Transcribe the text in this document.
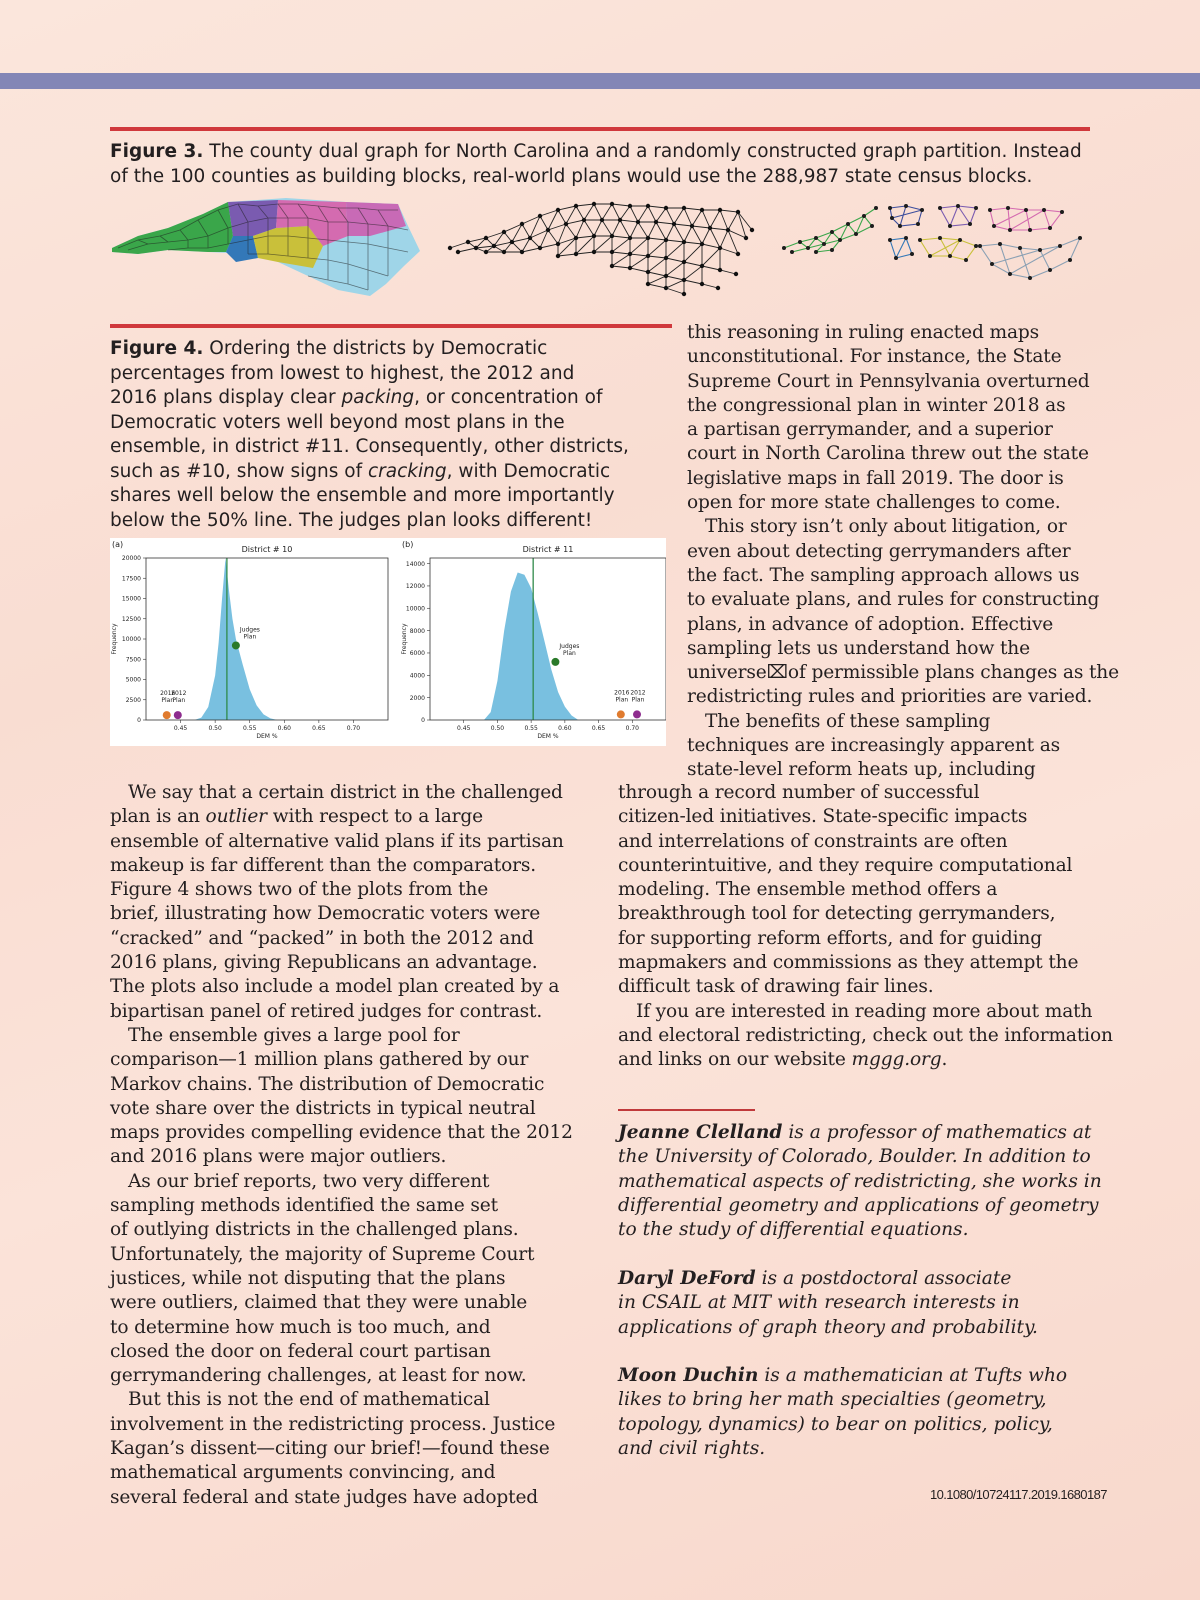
Figure 3. The county dual graph for North Carolina and a randomly constructed graph partition. Instead
of the 100 counties as building blocks, real-world plans would use the 288,987 state census blocks.
Figure 4. Ordering the districts by Democratic
percentages from lowest to highest, the 2012 and
2016 plans display clear packing, or concentration of
Democratic voters well beyond most plans in the
ensemble, in district #11. Consequently, other districts,
such as #10, show signs of cracking, with Democratic
shares well below the ensemble and more importantly
below the 50% line. The judges plan looks different!
(a)
District # 10
0
2500
5000
7500
10000
12500
15000
17500
20000
0.45	0.50	0.55	0.60	0.65	0.70
DEM %
Frequency	Judges
Plan
2016
Plan
2012
Plan
(b)
District # 11
0
2000
4000
6000
8000
10000
12000
14000
0.45	0.50	0.55	0.60	0.65	0.70
DEM %
Frequency	Judges
Plan
2016
Plan
2012
Plan

this reasoning in ruling enacted maps

unconstitutional. For instance, the State

Supreme Court in Pennsylvania overturned

the congressional plan in winter 2018 as

a partisan gerrymander, and a superior

court in North Carolina threw out the state

legislative maps in fall 2019. The door is

open for more state challenges to come.

This story isn’t only about litigation, or

even about detecting gerrymanders after

the fact. The sampling approach allows us

to evaluate plans, and rules for constructing

plans, in advance of adoption. Effective

sampling lets us understand how the

universe⌧of permissible plans changes as the

redistricting rules and priorities are varied.

The benefits of these sampling

techniques are increasingly apparent as

state-level reform heats up, including

We say that a certain district in the challenged

plan is an outlier with respect to a large

ensemble of alternative valid plans if its partisan

makeup is far different than the comparators.

Figure 4 shows two of the plots from the

brief, illustrating how Democratic voters were

“cracked” and “packed” in both the 2012 and

2016 plans, giving Republicans an advantage.

The plots also include a model plan created by a

bipartisan panel of retired judges for contrast.

The ensemble gives a large pool for

comparison—1 million plans gathered by our

Markov chains. The distribution of Democratic

vote share over the districts in typical neutral

maps provides compelling evidence that the 2012

and 2016 plans were major outliers.

As our brief reports, two very different

sampling methods identified the same set

of outlying districts in the challenged plans.

Unfortunately, the majority of Supreme Court

justices, while not disputing that the plans

were outliers, claimed that they were unable

to determine how much is too much, and

closed the door on federal court partisan

gerrymandering challenges, at least for now.

But this is not the end of mathematical

involvement in the redistricting process. Justice

Kagan’s dissent—citing our brief!—found these

mathematical arguments convincing, and

several federal and state judges have adopted

through a record number of successful

citizen-led initiatives. State-specific impacts

and interrelations of constraints are often

counterintuitive, and they require computational

modeling. The ensemble method offers a

breakthrough tool for detecting gerrymanders,

for supporting reform efforts, and for guiding

mapmakers and commissions as they attempt the

difficult task of drawing fair lines.

If you are interested in reading more about math

and electoral redistricting, check out the information

and links on our website mggg.org.

Jeanne Clelland is a professor of mathematics at

the University of Colorado, Boulder. In addition to

mathematical aspects of redistricting, she works in

differential geometry and applications of geometry

to the study of differential equations.

Daryl DeFord is a postdoctoral associate

in CSAIL at MIT with research interests in

applications of graph theory and probability.

Moon Duchin is a mathematician at Tufts who

likes to bring her math specialties (geometry,

topology, dynamics) to bear on politics, policy,

and civil rights.

10.1080/10724117.2019.1680187
